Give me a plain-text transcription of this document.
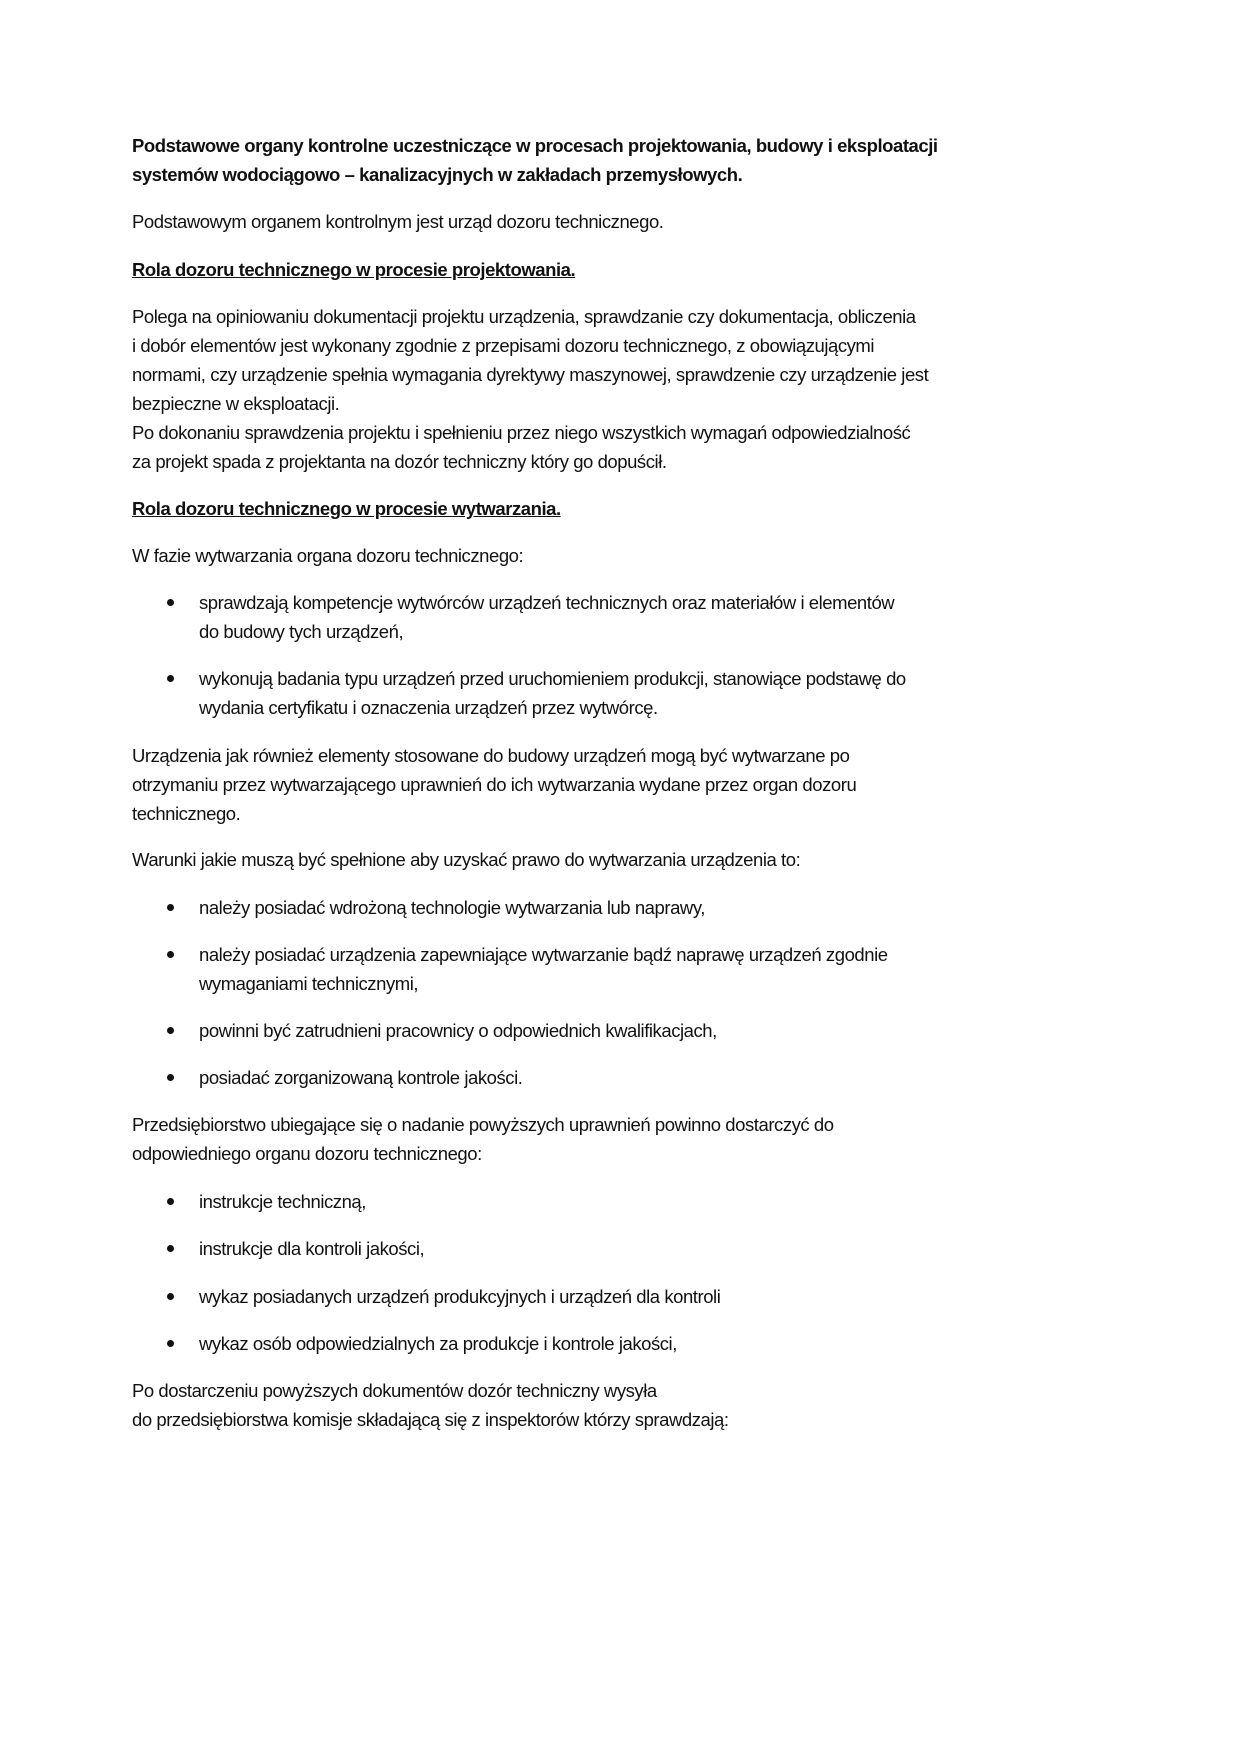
Podstawowe organy kontrolne uczestniczące w procesach projektowania, budowy i eksploatacji
systemów wodociągowo – kanalizacyjnych w zakładach przemysłowych.
Podstawowym organem kontrolnym jest urząd dozoru technicznego.
Rola dozoru technicznego w procesie projektowania.
Polega na opiniowaniu dokumentacji projektu urządzenia, sprawdzanie czy dokumentacja, obliczenia
i dobór elementów jest wykonany zgodnie z przepisami dozoru technicznego, z obowiązującymi
normami, czy urządzenie spełnia wymagania dyrektywy maszynowej, sprawdzenie czy urządzenie jest
bezpieczne w eksploatacji.
Po dokonaniu sprawdzenia projektu i spełnieniu przez niego wszystkich wymagań odpowiedzialność
za projekt spada z projektanta na dozór techniczny który go dopuścił.
Rola dozoru technicznego w procesie wytwarzania.
W fazie wytwarzania organa dozoru technicznego:
sprawdzają kompetencje wytwórców urządzeń technicznych oraz materiałów i elementów
do budowy tych urządzeń,
wykonują badania typu urządzeń przed uruchomieniem produkcji, stanowiące podstawę do
wydania certyfikatu i oznaczenia urządzeń przez wytwórcę.
Urządzenia jak również elementy stosowane do budowy urządzeń mogą być wytwarzane po
otrzymaniu przez wytwarzającego uprawnień do ich wytwarzania wydane przez organ dozoru
technicznego.
Warunki jakie muszą być spełnione aby uzyskać prawo do wytwarzania urządzenia to:
należy posiadać wdrożoną technologie wytwarzania lub naprawy,
należy posiadać urządzenia zapewniające wytwarzanie bądź naprawę urządzeń zgodnie
wymaganiami technicznymi,
powinni być zatrudnieni pracownicy o odpowiednich kwalifikacjach,
posiadać zorganizowaną kontrole jakości.
Przedsiębiorstwo ubiegające się o nadanie powyższych uprawnień powinno dostarczyć do
odpowiedniego organu dozoru technicznego:
instrukcje techniczną,
instrukcje dla kontroli jakości,
wykaz posiadanych urządzeń produkcyjnych i urządzeń dla kontroli
wykaz osób odpowiedzialnych za produkcje i kontrole jakości,
Po dostarczeniu powyższych dokumentów dozór techniczny wysyła
do przedsiębiorstwa komisje składającą się z inspektorów którzy sprawdzają:
